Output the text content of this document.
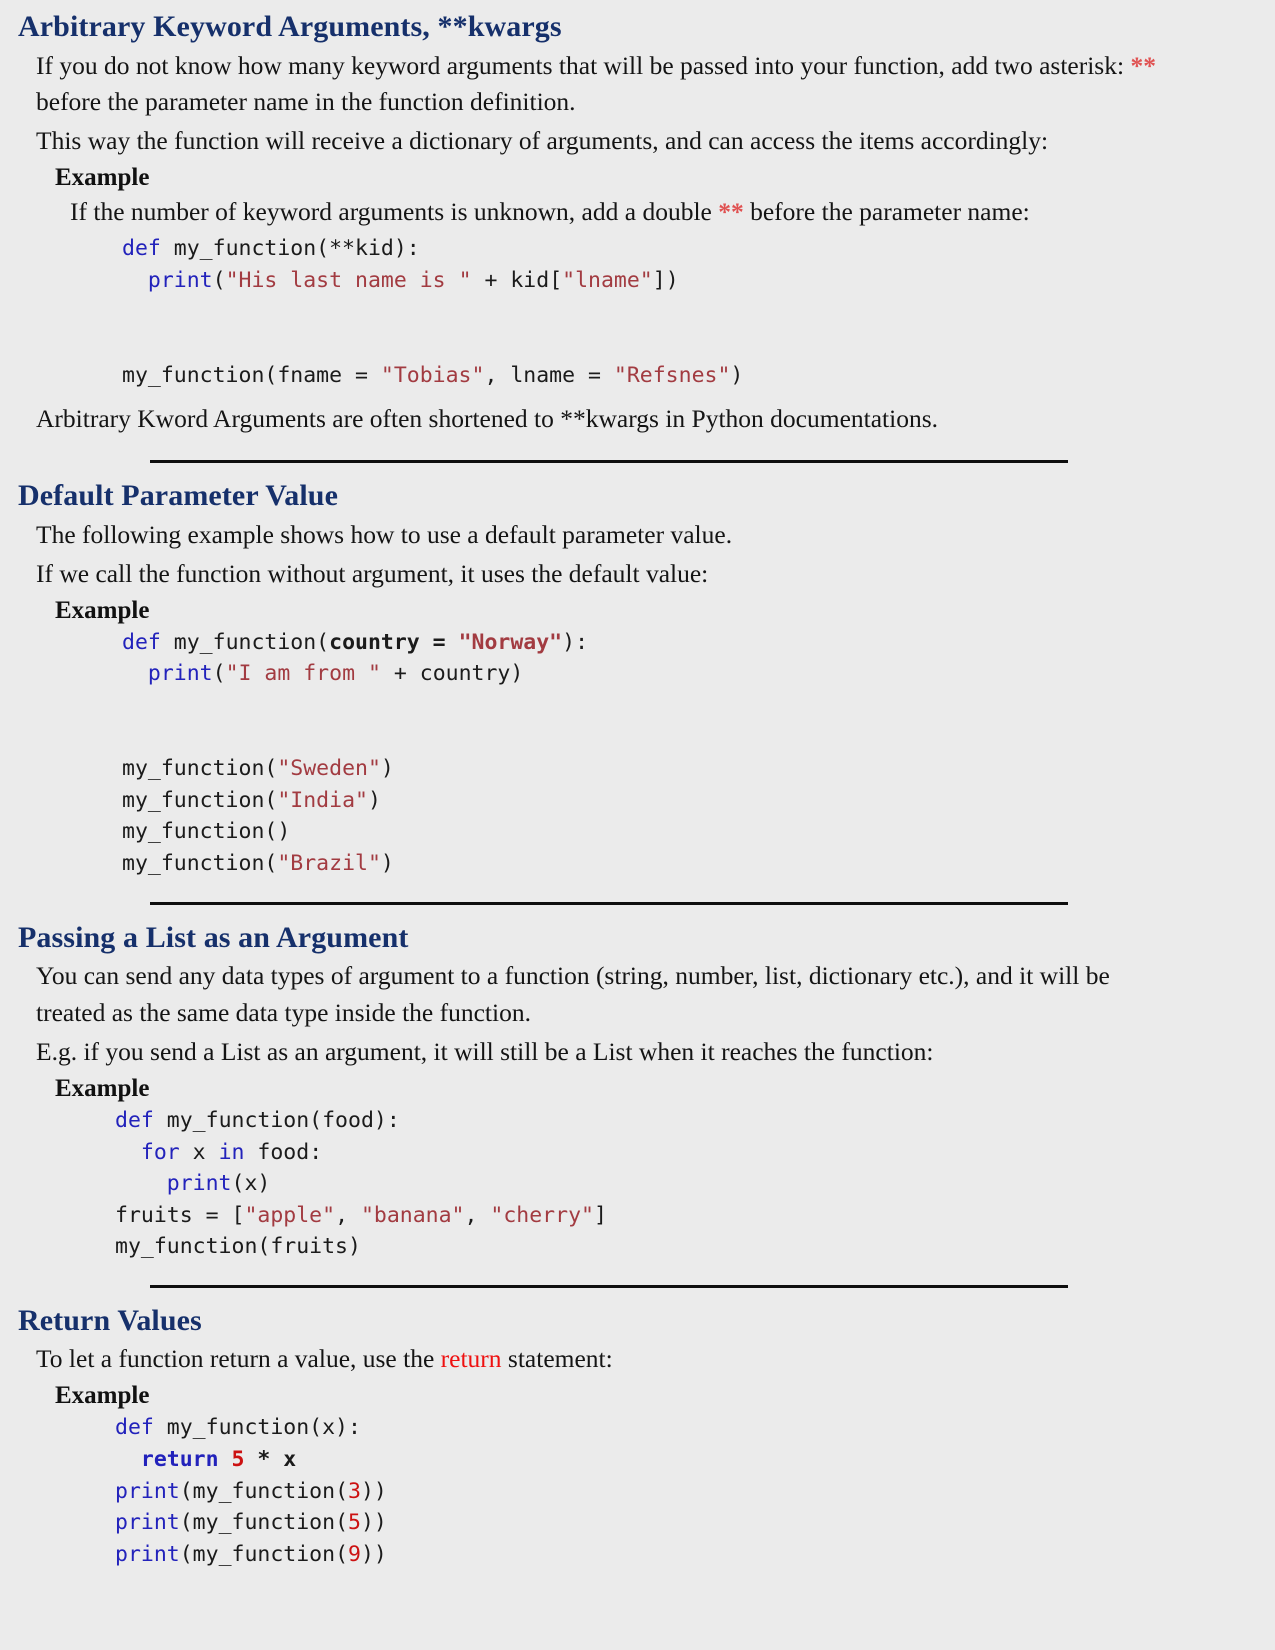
Arbitrary Keyword Arguments, **kwargs

If you do not know how many keyword arguments that will be passed into your function, add two asterisk: ** before the parameter name in the function definition.

This way the function will receive a dictionary of arguments, and can access the items accordingly:

Example

If the number of keyword arguments is unknown, add a double ** before the parameter name:

def my_function(**kid):
print("His last name is " + kid["lname"])

my_function(fname = "Tobias", lname = "Refsnes")

Arbitrary Kword Arguments are often shortened to **kwargs in Python documentations.

Default Parameter Value

The following example shows how to use a default parameter value.

If we call the function without argument, it uses the default value:

Example
def my_function(country = "Norway"):
print("I am from " + country)

my_function("Sweden")
my_function("India")
my_function()
my_function("Brazil")
Passing a List as an Argument

You can send any data types of argument to a function (string, number, list, dictionary etc.), and it will be treated as the same data type inside the function.

E.g. if you send a List as an argument, it will still be a List when it reaches the function:

Example
def my_function(food):
for x in food:
print(x)
fruits = ["apple", "banana", "cherry"]
my_function(fruits)
Return Values

To let a function return a value, use the return statement:

Example
def my_function(x):
return 5 * x
print(my_function(3))
print(my_function(5))
print(my_function(9))
